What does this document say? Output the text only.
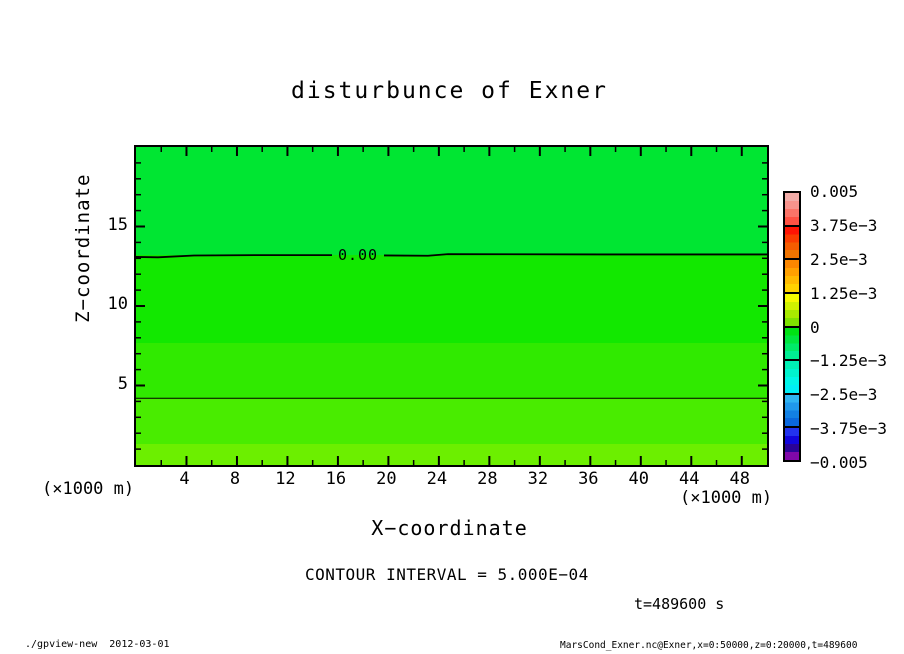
disturbunce of Exner
0.00

Z−coordinate

X−coordinate
(×1000 m)	(×1000 m)
CONTOUR INTERVAL = 5.000E−04
t=489600 s
./gpview-new  2012-03-01	MarsCond_Exner.nc@Exner,x=0:50000,z=0:20000,t=489600
5
10
15
4	8	12	16	20	24	28	32	36	40	44	48
0.005
3.75e−3
2.5e−3
1.25e−3
0
−1.25e−3
−2.5e−3
−3.75e−3
−0.005
